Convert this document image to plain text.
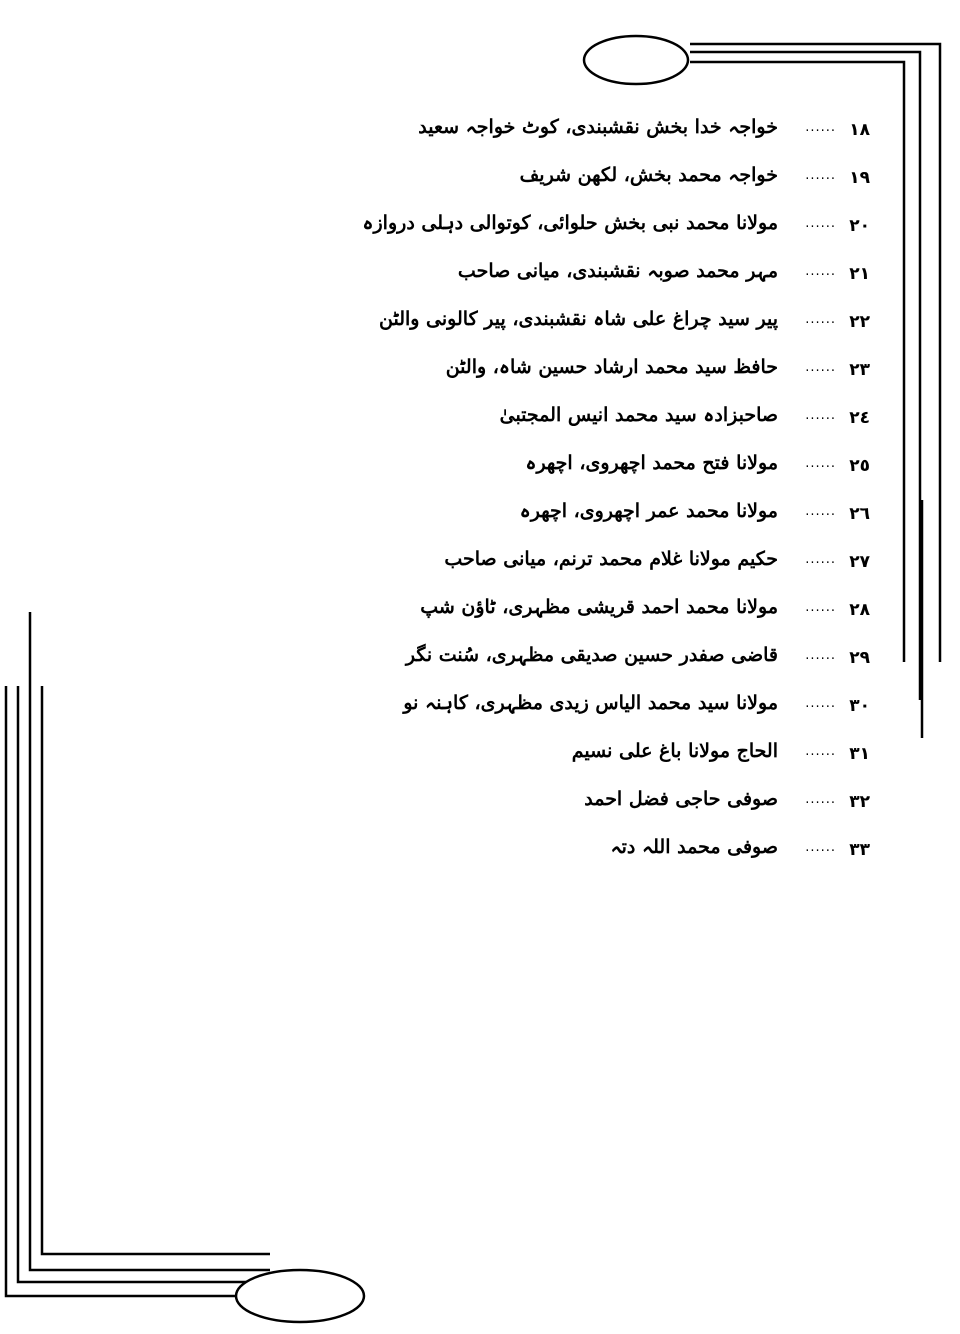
١٨
......
خواجہ خدا بخش نقشبندی، کوٹ خواجہ سعید
١٩
......
خواجہ محمد بخش، لکھن شریف
٢٠
......
مولانا محمد نبی بخش حلوائی، کوتوالی دہلی دروازہ
٢١
......
مہر محمد صوبہ نقشبندی، میانی صاحب
٢٢
......
پیر سید چراغ علی شاہ نقشبندی، پیر کالونی والٹن
٢٣
......
حافظ سید محمد ارشاد حسین شاہ، والٹن
٢٤
......
صاحبزادہ سید محمد انیس المجتبیٰ
٢٥
......
مولانا فتح محمد اچھروی، اچھرہ
٢٦
......
مولانا محمد عمر اچھروی، اچھرہ
٢٧
......
حکیم مولانا غلام محمد ترنم، میانی صاحب
٢٨
......
مولانا محمد احمد قریشی مظہری، ٹاؤن شپ
٢٩
......
قاضی صفدر حسین صدیقی مظہری، سُنت نگر
٣٠
......
مولانا سید محمد الیاس زیدی مظہری، کاہنہ نو
٣١
......
الحاج مولانا باغ علی نسیم
٣٢
......
صوفی حاجی فضل احمد
٣٣
......
صوفی محمد اللہ دتہ
